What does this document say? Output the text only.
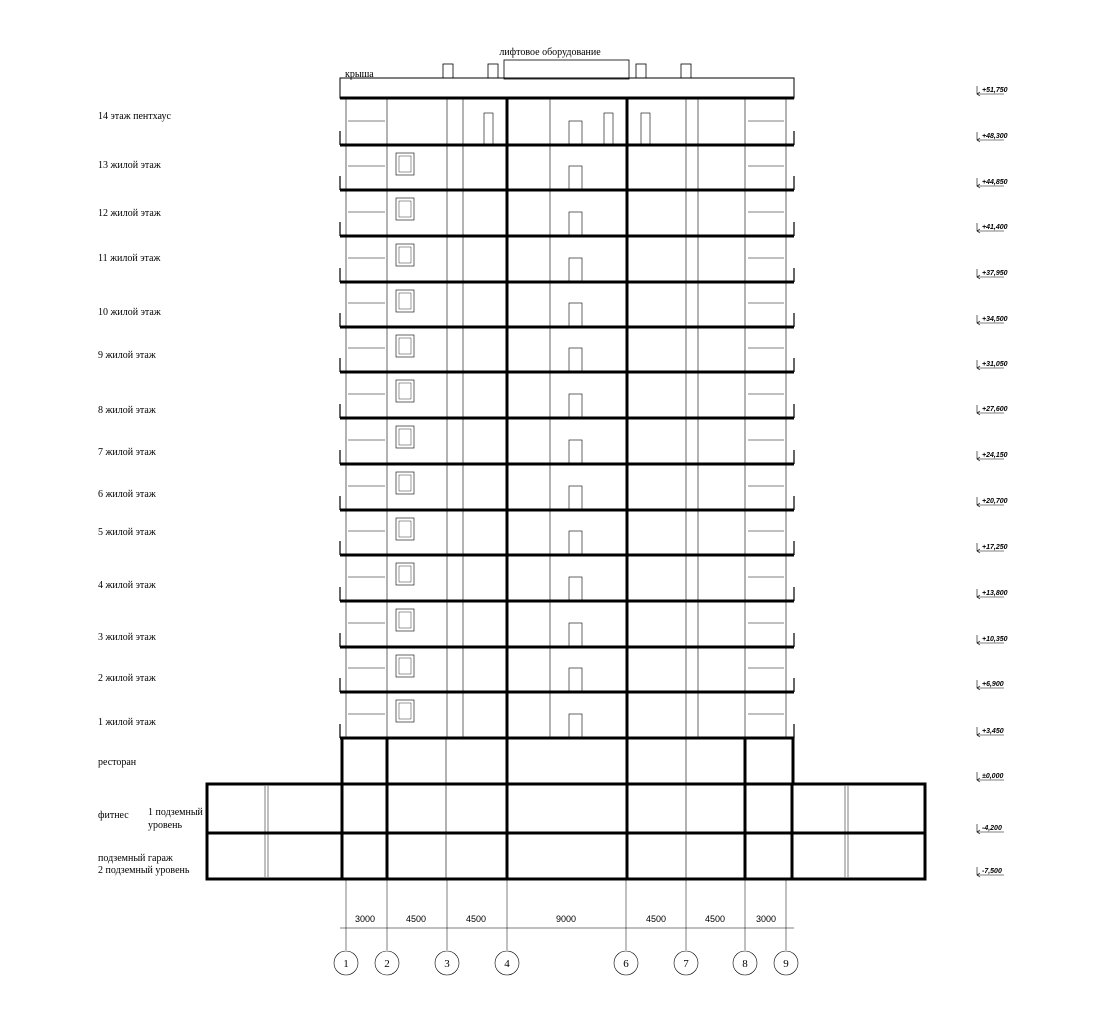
лифтовое оборудование
крыша
14 этаж пентхаус
13 жилой этаж
12 жилой этаж
11 жилой этаж
10 жилой этаж
9 жилой этаж
8 жилой этаж
7 жилой этаж
6 жилой этаж
5 жилой этаж
4 жилой этаж
3 жилой этаж
2 жилой этаж
1 жилой этаж
ресторан
фитнес 1 подземный
уровень
подземный гараж
2 подземный уровень
+51,750
+48,300
+44,850
+41,400
+37,950
+34,500
+31,050
+27,600
+24,150
+20,700
+17,250
+13,800
+10,350
+6,900
+3,450
±0,000
-4,200
-7,500
3000	4500	4500	9000	4500	4500	3000
1	2	3	4	6	7	8	9
